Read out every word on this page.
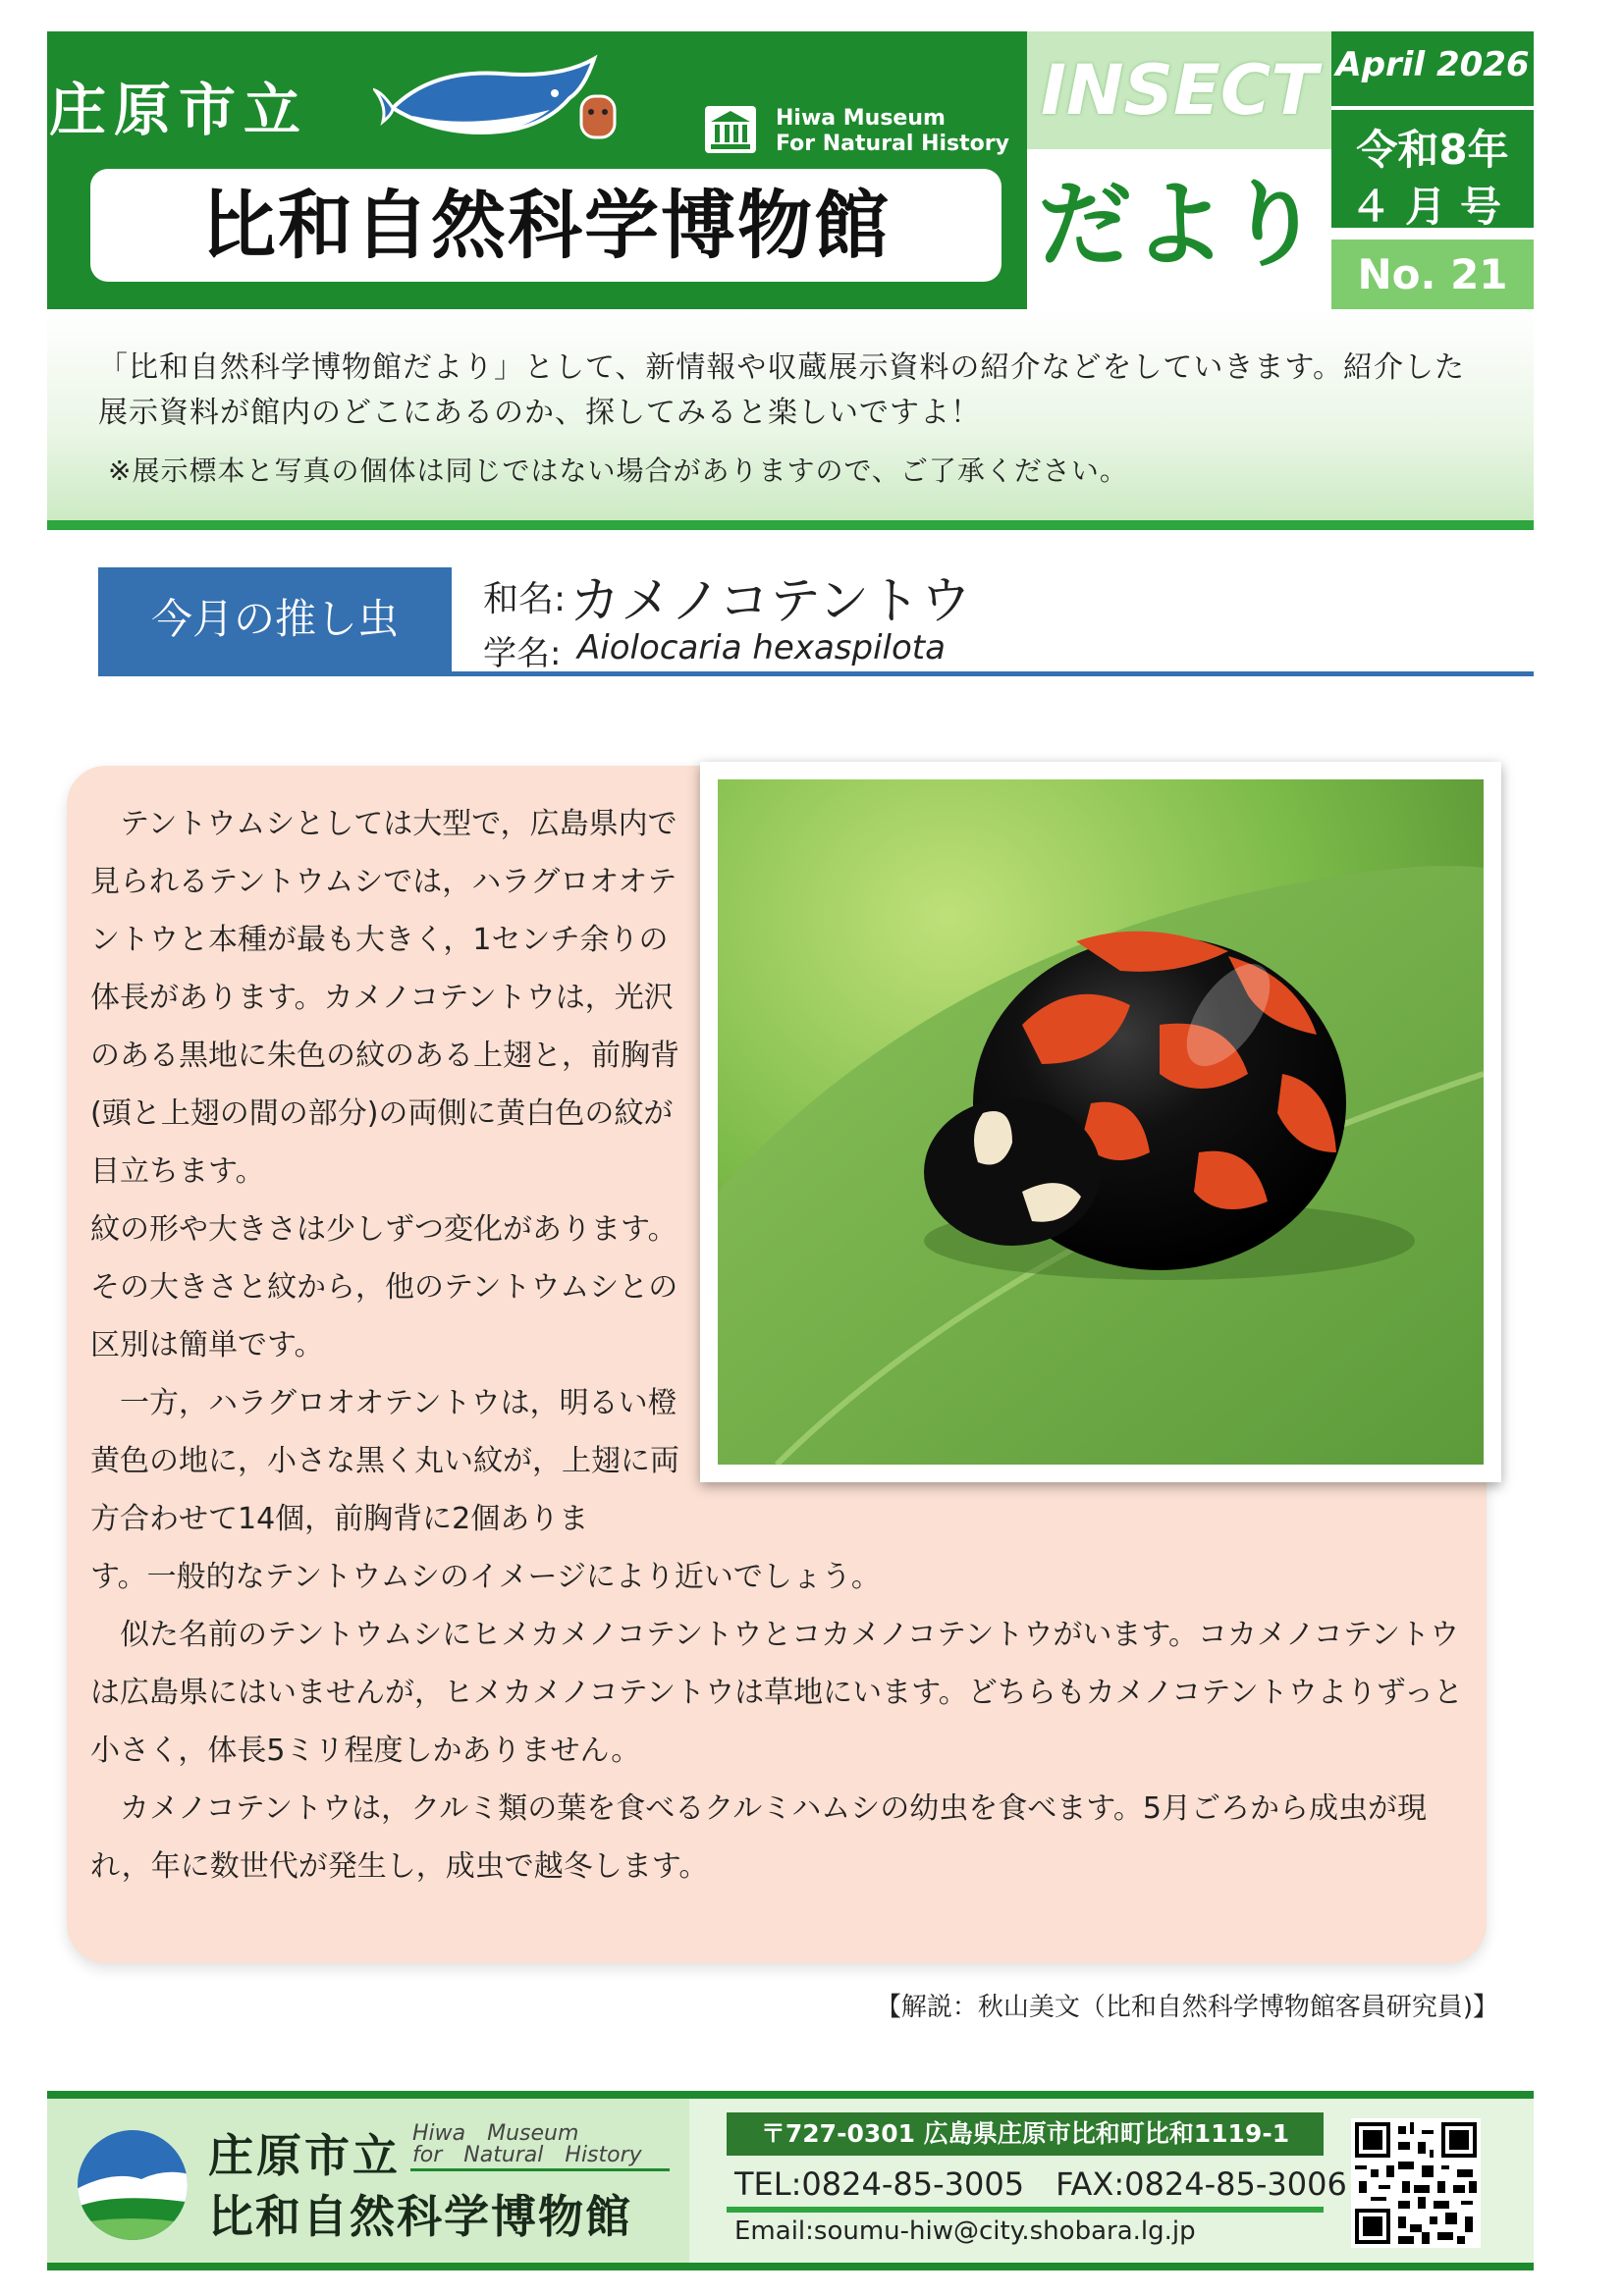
庄原市立	Hiwa Museum
For Natural History
比和自然科学博物館
INSECT
だより
April 2026
令和8年
４月号
No. 21
「比和自然科学博物館だより」として、新情報や収蔵展示資料の紹介などをしていきます。紹介した展示資料が館内のどこにあるのか、探してみると楽しいですよ！
※展示標本と写真の個体は同じではない場合がありますので、ご了承ください。
今月の推し虫	和名: カメノコテントウ
学名: Aiolocaria hexaspilota
　テントウムシとしては大型で，広島県内で見られるテントウムシでは，ハラグロオオテントウと本種が最も大きく，1センチ余りの体長があります。カメノコテントウは，光沢のある黒地に朱色の紋のある上翅と，前胸背(頭と上翅の間の部分)の両側に黄白色の紋が目立ちます。
紋の形や大きさは少しずつ変化があります。その大きさと紋から，他のテントウムシとの区別は簡単です。
　一方，ハラグロオオテントウは，明るい橙黄色の地に，小さな黒く丸い紋が，上翅に両方合わせて14個，前胸背に2個ありま
す。一般的なテントウムシのイメージにより近いでしょう。
　似た名前のテントウムシにヒメカメノコテントウとコカメノコテントウがいます。コカメノコテントウは広島県にはいませんが，ヒメカメノコテントウは草地にいます。どちらもカメノコテントウよりずっと小さく，体長5ミリ程度しかありません。
　カメノコテントウは，クルミ類の葉を食べるクルミハムシの幼虫を食べます。5月ごろから成虫が現れ，年に数世代が発生し，成虫で越冬します。
【解説：秋山美文（比和自然科学博物館客員研究員)】
庄原市立 Hiwa　Museum
for　Natural　History
比和自然科学博物館
〒727-0301 広島県庄原市比和町比和1119-1
TEL:0824-85-3005　FAX:0824-85-3006
Email:soumu-hiw@city.shobara.lg.jp
